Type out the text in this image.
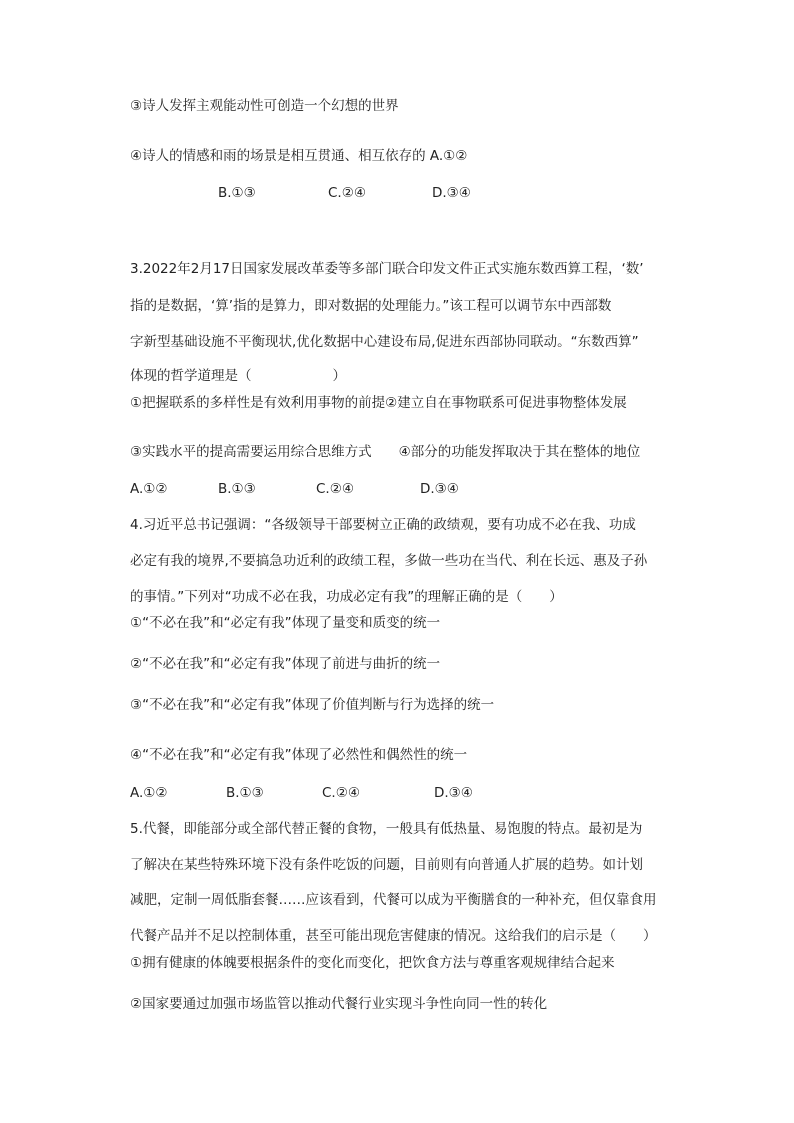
③诗人发挥主观能动性可创造一个幻想的世界
④诗人的情感和雨的场景是相互贯通、相互依存的 A.①②
B.①③	C.②④	D.③④
3.2022年2月17日国家发展改革委等多部门联合印发文件正式实施东数西算工程，‘数’
指的是数据，‘算’指的是算力，即对数据的处理能力。”该工程可以调节东中西部数
字新型基础设施不平衡现状,优化数据中心建设布局,促进东西部协同联动。“东数西算”
体现的哲学道理是（　　　　　　）
①把握联系的多样性是有效利用事物的前提②建立自在事物联系可促进事物整体发展
③实践水平的提高需要运用综合思维方式　　④部分的功能发挥取决于其在整体的地位
A.①②	B.①③	C.②④	D.③④
4.习近平总书记强调：“各级领导干部要树立正确的政绩观，要有功成不必在我、功成
必定有我的境界,不要搞急功近利的政绩工程，多做一些功在当代、利在长远、惠及子孙
的事情。”下列对“功成不必在我，功成必定有我”的理解正确的是（　　）
①“不必在我”和“必定有我”体现了量变和质变的统一
②“不必在我”和“必定有我”体现了前进与曲折的统一
③“不必在我”和“必定有我”体现了价值判断与行为选择的统一
④“不必在我”和“必定有我”体现了必然性和偶然性的统一
A.①②	B.①③	C.②④	D.③④
5.代餐，即能部分或全部代替正餐的食物，一般具有低热量、易饱腹的特点。最初是为
了解决在某些特殊环境下没有条件吃饭的问题，目前则有向普通人扩展的趋势。如计划
减肥，定制一周低脂套餐……应该看到，代餐可以成为平衡膳食的一种补充，但仅靠食用
代餐产品并不足以控制体重，甚至可能出现危害健康的情况。这给我们的启示是（　　）
①拥有健康的体魄要根据条件的变化而变化，把饮食方法与尊重客观规律结合起来
②国家要通过加强市场监管以推动代餐行业实现斗争性向同一性的转化
